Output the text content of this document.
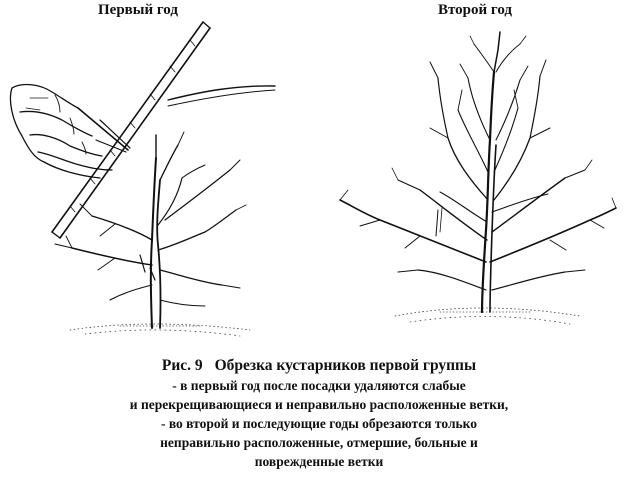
Первый год	Второй год
Рис. 9 Обрезка кустарников первой группы
- в первый год после посадки удаляются слабые
и перекрещивающиеся и неправильно расположенные ветки,
- во второй и последующие годы обрезаются только
неправильно расположенные, отмершие, больные и
поврежденные ветки
